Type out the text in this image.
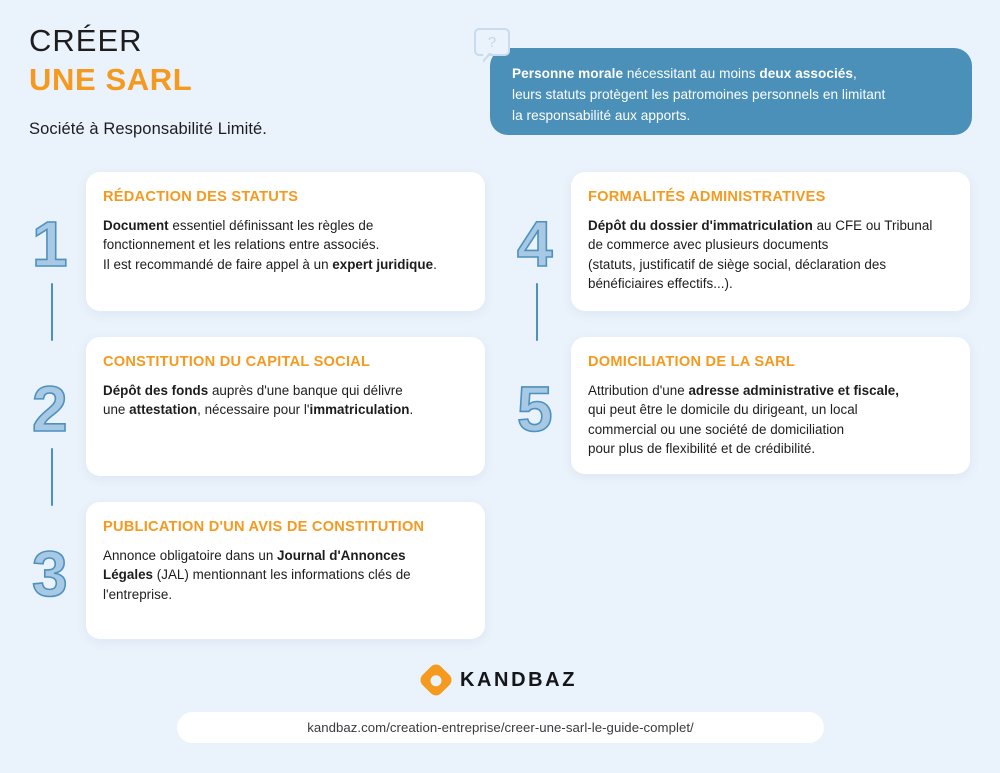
CRÉER
UNE SARL
Société à Responsabilité Limité.
?
Personne morale nécessitant au moins deux associés,
leurs statuts protègent les patromoines personnels en limitant
la responsabilité aux apports.
1
RÉDACTION DES STATUTS
Document essentiel définissant les règles de
fonctionnement et les relations entre associés.
Il est recommandé de faire appel à un expert juridique.
2
CONSTITUTION DU CAPITAL SOCIAL
Dépôt des fonds auprès d'une banque qui délivre
une attestation, nécessaire pour l'immatriculation.
3
PUBLICATION D'UN AVIS DE CONSTITUTION
Annonce obligatoire dans un Journal d'Annonces
Légales (JAL) mentionnant les informations clés de
l'entreprise.
4
FORMALITÉS ADMINISTRATIVES
Dépôt du dossier d'immatriculation au CFE ou Tribunal
de commerce avec plusieurs documents
(statuts, justificatif de siège social, déclaration des
bénéficiaires effectifs...).
5
DOMICILIATION DE LA SARL
Attribution d'une adresse administrative et fiscale,
qui peut être le domicile du dirigeant, un local
commercial ou une société de domiciliation
pour plus de flexibilité et de crédibilité.
KANDBAZ
kandbaz.com/creation-entreprise/creer-une-sarl-le-guide-complet/
